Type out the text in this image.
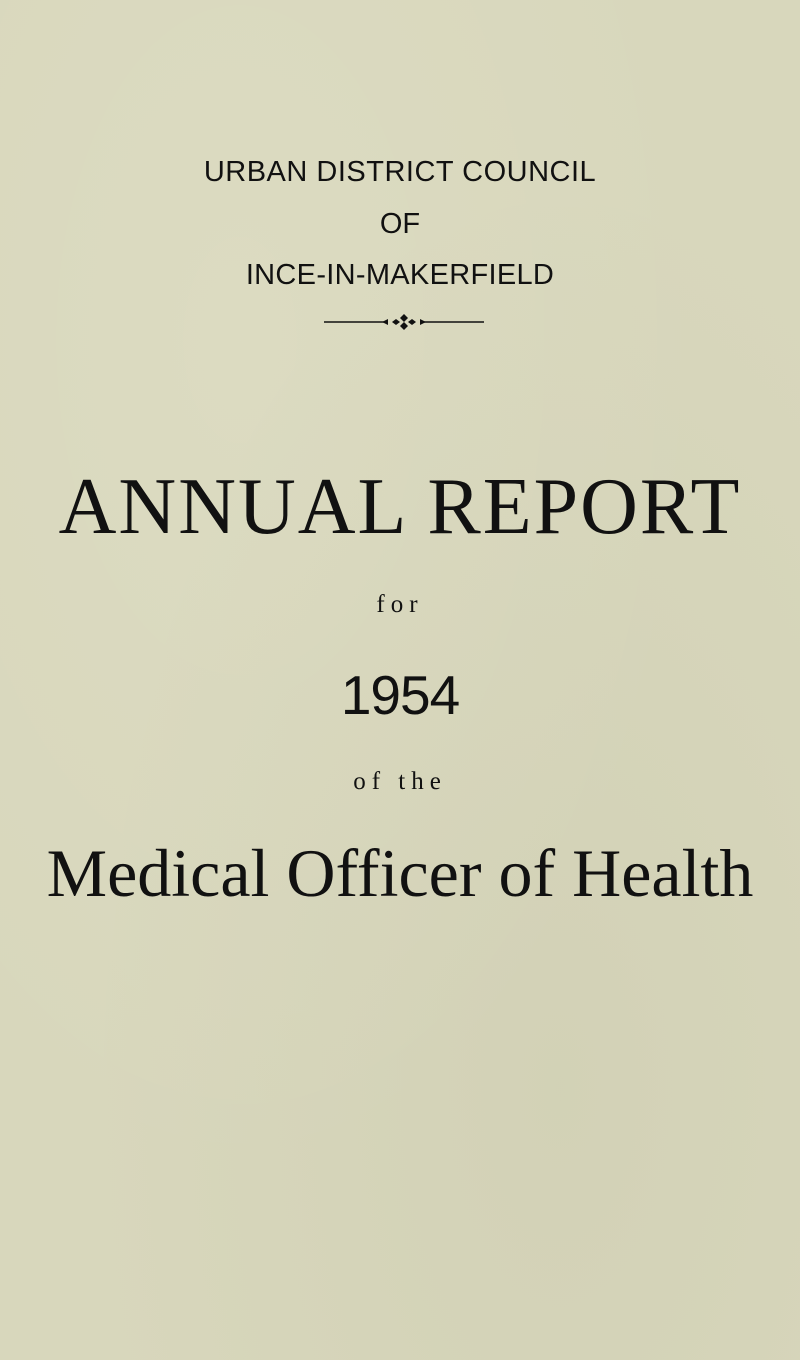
URBAN DISTRICT COUNCIL
OF
INCE-IN-MAKERFIELD
ANNUAL REPORT
for
1954
of the
Medical Officer of Health
